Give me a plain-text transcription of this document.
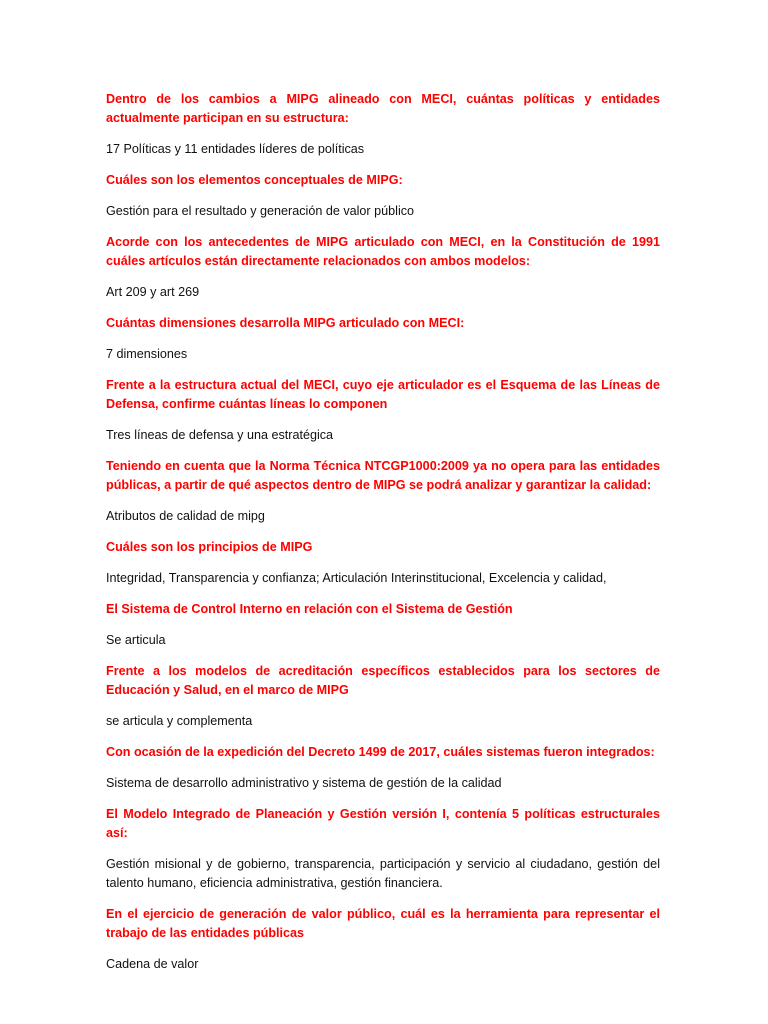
Dentro de los cambios a MIPG alineado con MECI, cuántas políticas y entidades actualmente participan en su estructura:

17 Políticas y 11 entidades líderes de políticas

Cuáles son los elementos conceptuales de MIPG:

Gestión para el resultado y generación de valor público

Acorde con los antecedentes de MIPG articulado con MECI, en la Constitución de 1991 cuáles artículos están directamente relacionados con ambos modelos:

Art 209 y art 269

Cuántas dimensiones desarrolla MIPG articulado con MECI:

7 dimensiones

Frente a la estructura actual del MECI, cuyo eje articulador es el Esquema de las Líneas de Defensa, confirme cuántas líneas lo componen

Tres líneas de defensa y una estratégica

Teniendo en cuenta que la Norma Técnica NTCGP1000:2009 ya no opera para las entidades públicas, a partir de qué aspectos dentro de MIPG se podrá analizar y garantizar la calidad:

Atributos de calidad de mipg

Cuáles son los principios de MIPG

Integridad, Transparencia y confianza; Articulación Interinstitucional, Excelencia y calidad,

El Sistema de Control Interno en relación con el Sistema de Gestión

Se articula

Frente a los modelos de acreditación específicos establecidos para los sectores de Educación y Salud, en el marco de MIPG

se articula y complementa

Con ocasión de la expedición del Decreto 1499 de 2017, cuáles sistemas fueron integrados:

Sistema de desarrollo administrativo y sistema de gestión de la calidad

El Modelo Integrado de Planeación y Gestión versión I, contenía 5 políticas estructurales así:

Gestión misional y de gobierno, transparencia, participación y servicio al ciudadano, gestión del talento humano, eficiencia administrativa, gestión financiera.

En el ejercicio de generación de valor público, cuál es la herramienta para representar el trabajo de las entidades públicas

Cadena de valor
